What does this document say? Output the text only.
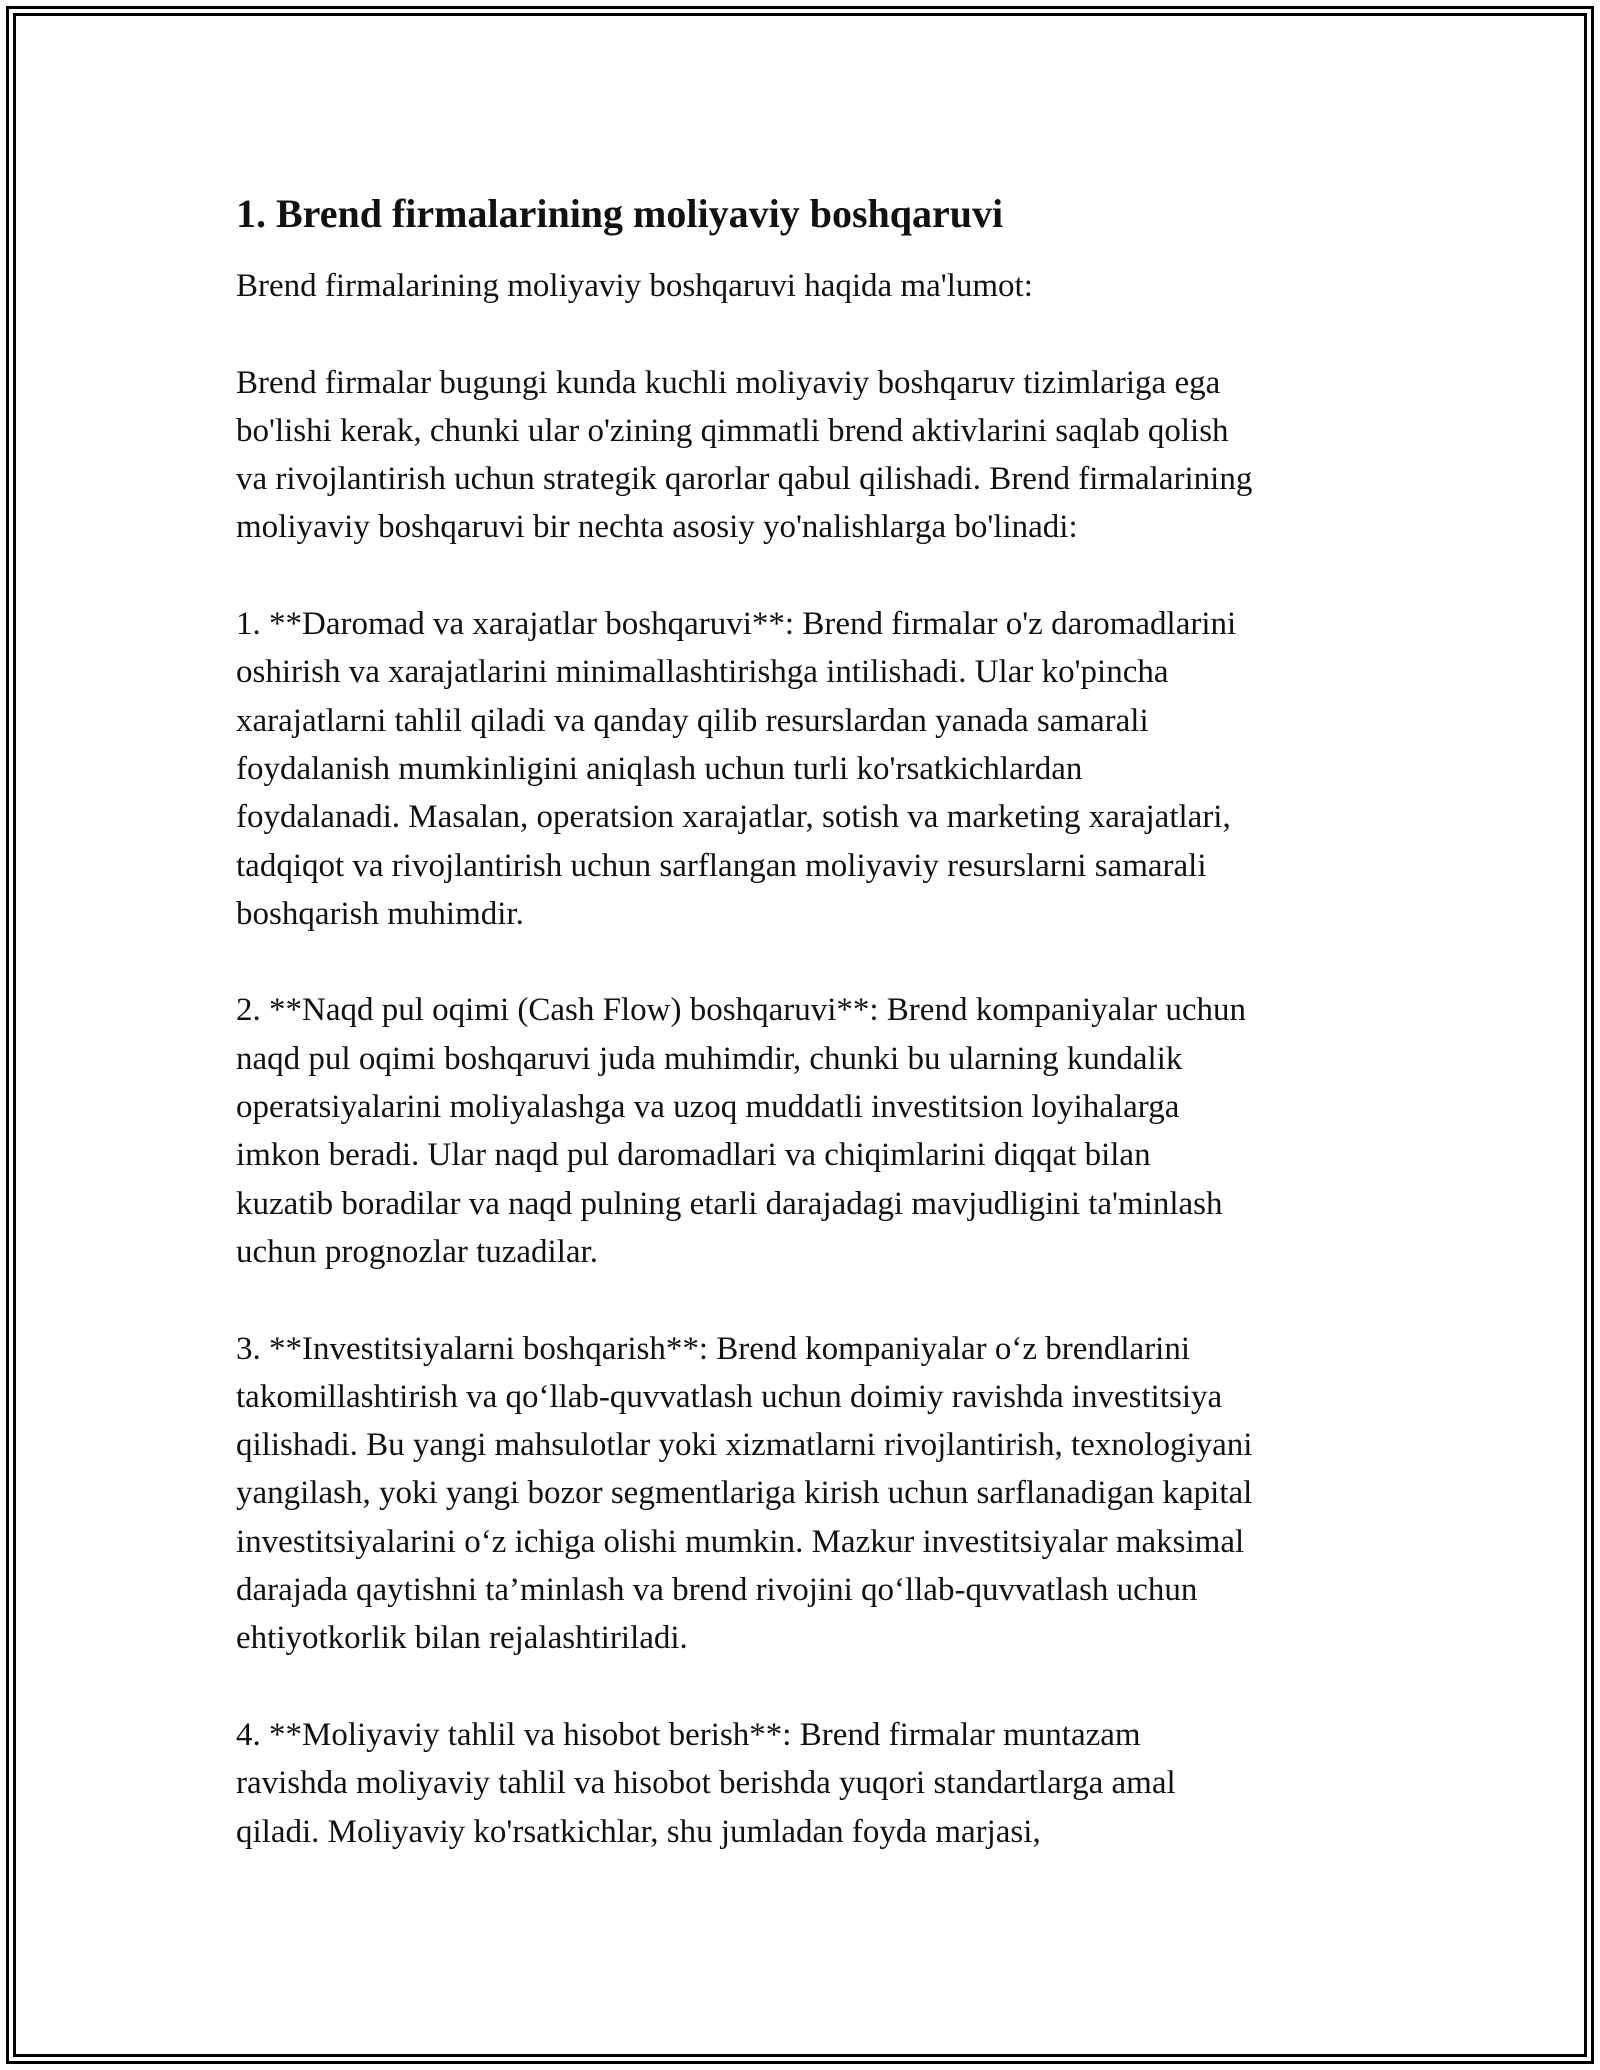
1. Brend firmalarining moliyaviy boshqaruvi

Brend firmalarining moliyaviy boshqaruvi haqida ma'lumot:

Brend firmalar bugungi kunda kuchli moliyaviy boshqaruv tizimlariga ega
bo'lishi kerak, chunki ular o'zining qimmatli brend aktivlarini saqlab qolish
va rivojlantirish uchun strategik qarorlar qabul qilishadi. Brend firmalarining
moliyaviy boshqaruvi bir nechta asosiy yo'nalishlarga bo'linadi:

1. **Daromad va xarajatlar boshqaruvi**: Brend firmalar o'z daromadlarini
oshirish va xarajatlarini minimallashtirishga intilishadi. Ular ko'pincha
xarajatlarni tahlil qiladi va qanday qilib resurslardan yanada samarali
foydalanish mumkinligini aniqlash uchun turli ko'rsatkichlardan
foydalanadi. Masalan, operatsion xarajatlar, sotish va marketing xarajatlari,
tadqiqot va rivojlantirish uchun sarflangan moliyaviy resurslarni samarali
boshqarish muhimdir.

2. **Naqd pul oqimi (Cash Flow) boshqaruvi**: Brend kompaniyalar uchun
naqd pul oqimi boshqaruvi juda muhimdir, chunki bu ularning kundalik
operatsiyalarini moliyalashga va uzoq muddatli investitsion loyihalarga
imkon beradi. Ular naqd pul daromadlari va chiqimlarini diqqat bilan
kuzatib boradilar va naqd pulning etarli darajadagi mavjudligini ta'minlash
uchun prognozlar tuzadilar.

3. **Investitsiyalarni boshqarish**: Brend kompaniyalar o‘z brendlarini
takomillashtirish va qo‘llab-quvvatlash uchun doimiy ravishda investitsiya
qilishadi. Bu yangi mahsulotlar yoki xizmatlarni rivojlantirish, texnologiyani
yangilash, yoki yangi bozor segmentlariga kirish uchun sarflanadigan kapital
investitsiyalarini o‘z ichiga olishi mumkin. Mazkur investitsiyalar maksimal
darajada qaytishni ta’minlash va brend rivojini qo‘llab-quvvatlash uchun
ehtiyotkorlik bilan rejalashtiriladi.

4. **Moliyaviy tahlil va hisobot berish**: Brend firmalar muntazam
ravishda moliyaviy tahlil va hisobot berishda yuqori standartlarga amal
qiladi. Moliyaviy ko'rsatkichlar, shu jumladan foyda marjasi,
